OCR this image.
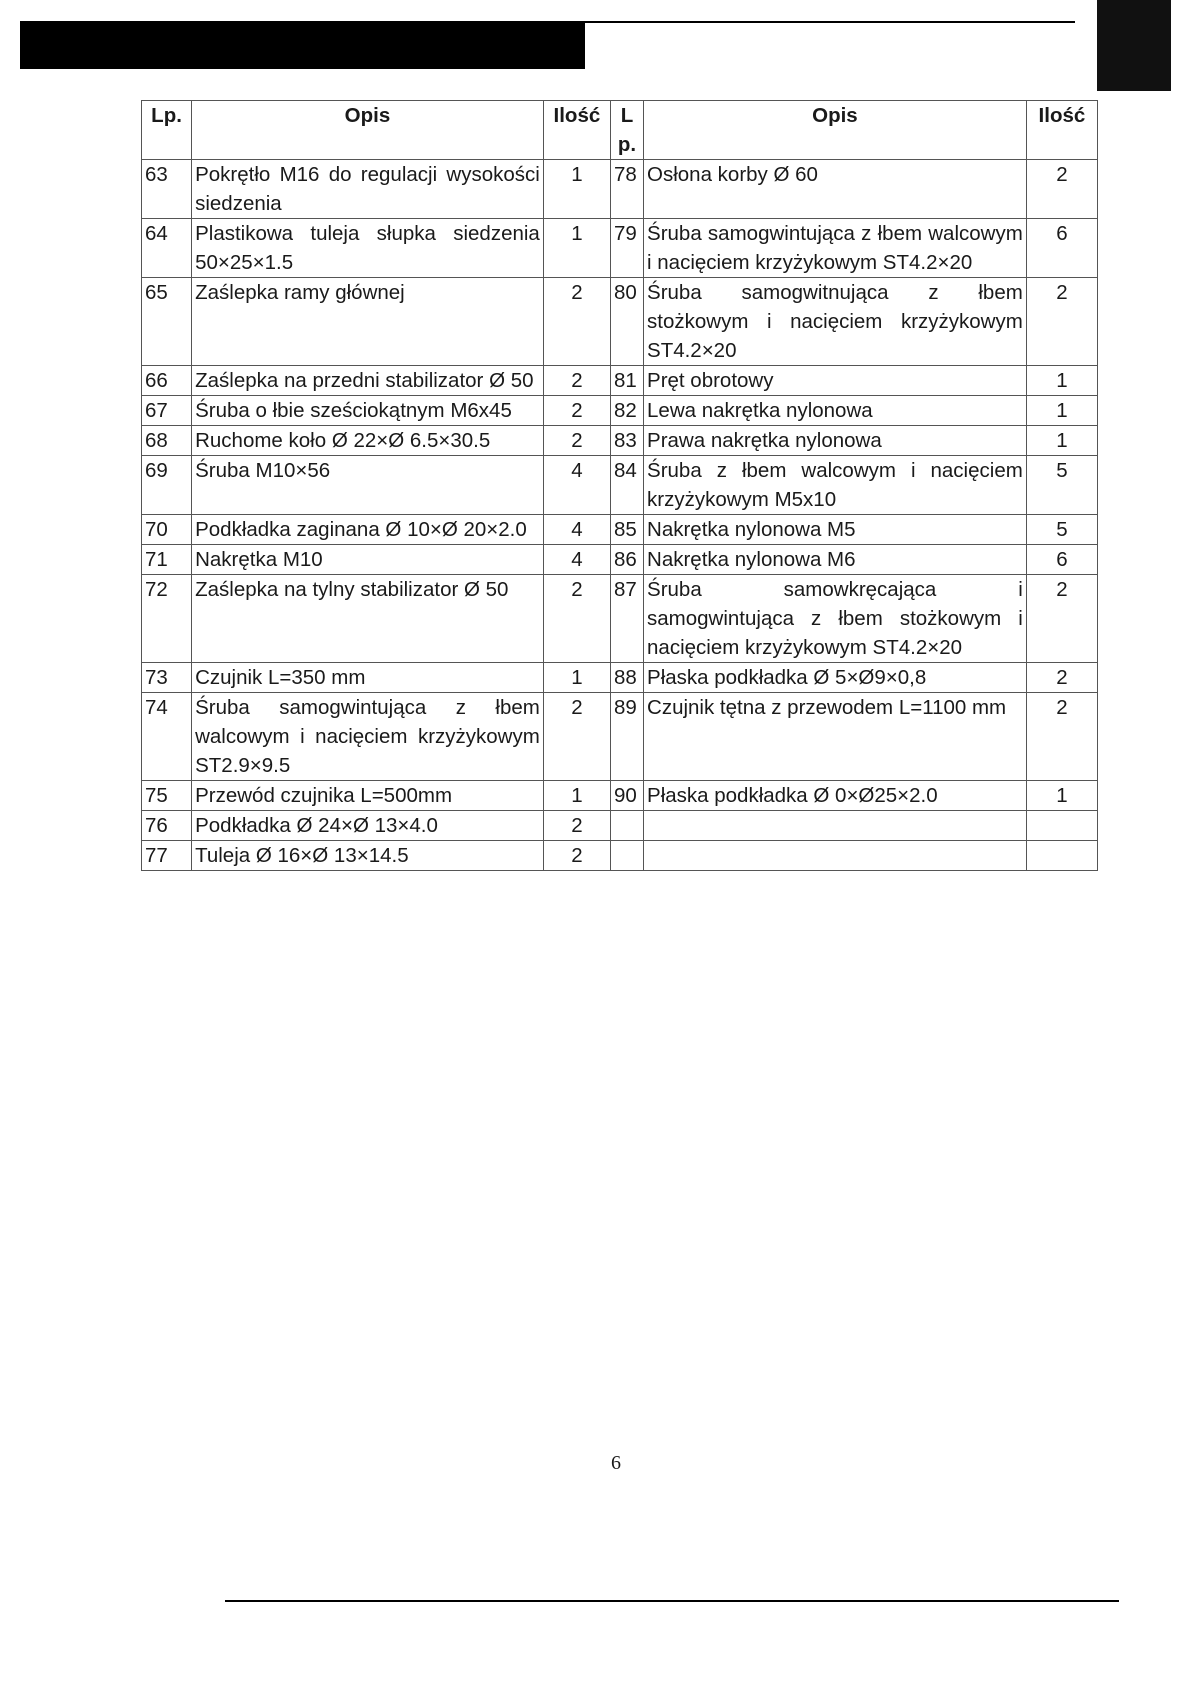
Lp.	Opis	Ilość	L p.	Opis	Ilość
63	Pokrętło M16 do regulacji wysokości siedzenia	1	78	Osłona korby Ø 60	2
64	Plastikowa tuleja słupka siedzenia 50×25×1.5	1	79	Śruba samogwintująca z łbem walcowym i nacięciem krzyżykowym ST4.2×20	6
65	Zaślepka ramy głównej	2	80	Śruba samogwitnująca z łbem stożkowym i nacięciem krzyżykowym ST4.2×20	2
66	Zaślepka na przedni stabilizator Ø 50	2	81	Pręt obrotowy	1
67	Śruba o łbie sześciokątnym M6x45	2	82	Lewa nakrętka nylonowa	1
68	Ruchome koło Ø 22×Ø 6.5×30.5	2	83	Prawa nakrętka nylonowa	1
69	Śruba M10×56	4	84	Śruba z łbem walcowym i nacięciem krzyżykowym M5x10	5
70	Podkładka zaginana Ø 10×Ø 20×2.0	4	85	Nakrętka nylonowa M5	5
71	Nakrętka M10	4	86	Nakrętka nylonowa M6	6
72	Zaślepka na tylny stabilizator Ø 50	2	87	Śruba samowkręcająca i samogwintująca z łbem stożkowym i nacięciem krzyżykowym ST4.2×20	2
73	Czujnik L=350 mm	1	88	Płaska podkładka Ø 5×Ø9×0,8	2
74	Śruba samogwintująca z łbem walcowym i nacięciem krzyżykowym ST2.9×9.5	2	89	Czujnik tętna z przewodem L=1100 mm	2
75	Przewód czujnika L=500mm	1	90	Płaska podkładka Ø 0×Ø25×2.0	1
76	Podkładka Ø 24×Ø 13×4.0	2			
77	Tuleja Ø 16×Ø 13×14.5	2			
6
